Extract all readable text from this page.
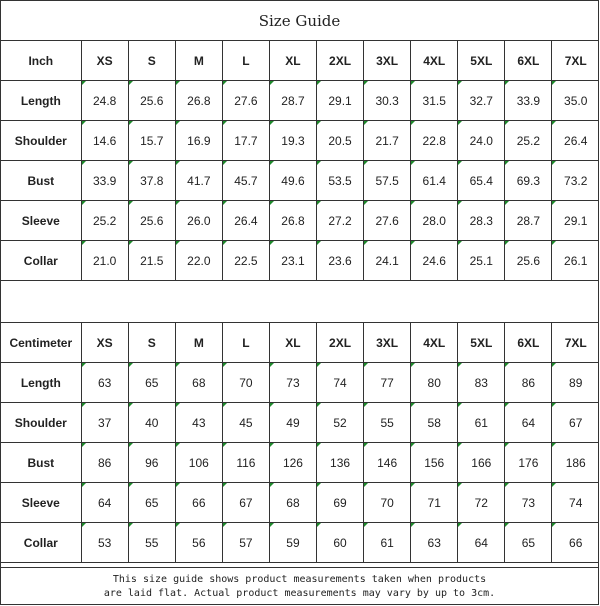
Size Guide
Inch	XS	S	M	L	XL	2XL	3XL	4XL	5XL	6XL	7XL
Length	24.8	25.6	26.8	27.6	28.7	29.1	30.3	31.5	32.7	33.9	35.0
Shoulder	14.6	15.7	16.9	17.7	19.3	20.5	21.7	22.8	24.0	25.2	26.4
Bust	33.9	37.8	41.7	45.7	49.6	53.5	57.5	61.4	65.4	69.3	73.2
Sleeve	25.2	25.6	26.0	26.4	26.8	27.2	27.6	28.0	28.3	28.7	29.1
Collar	21.0	21.5	22.0	22.5	23.1	23.6	24.1	24.6	25.1	25.6	26.1
Centimeter	XS	S	M	L	XL	2XL	3XL	4XL	5XL	6XL	7XL
Length	63	65	68	70	73	74	77	80	83	86	89
Shoulder	37	40	43	45	49	52	55	58	61	64	67
Bust	86	96	106	116	126	136	146	156	166	176	186
Sleeve	64	65	66	67	68	69	70	71	72	73	74
Collar	53	55	56	57	59	60	61	63	64	65	66
This size guide shows product measurements taken when products
are laid flat. Actual product measurements may vary by up to 3cm.
